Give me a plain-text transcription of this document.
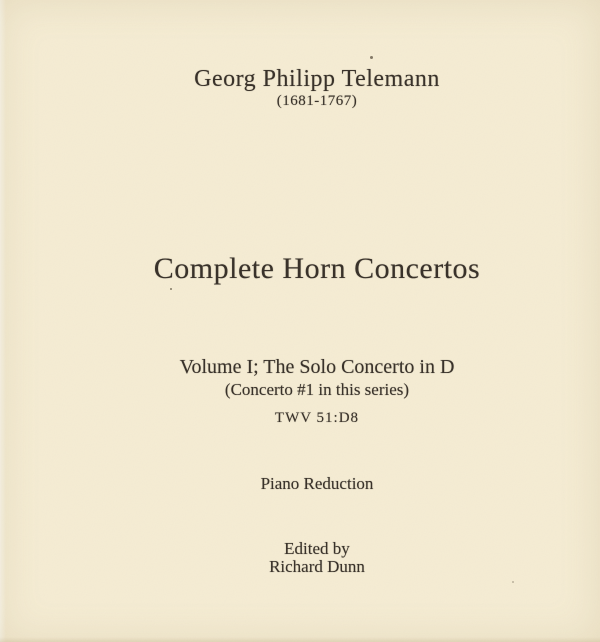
Georg Philipp Telemann
(1681-1767)
Complete Horn Concertos
Volume I; The Solo Concerto in D
(Concerto #1 in this series)
TWV 51:D8
Piano Reduction
Edited by
Richard Dunn
